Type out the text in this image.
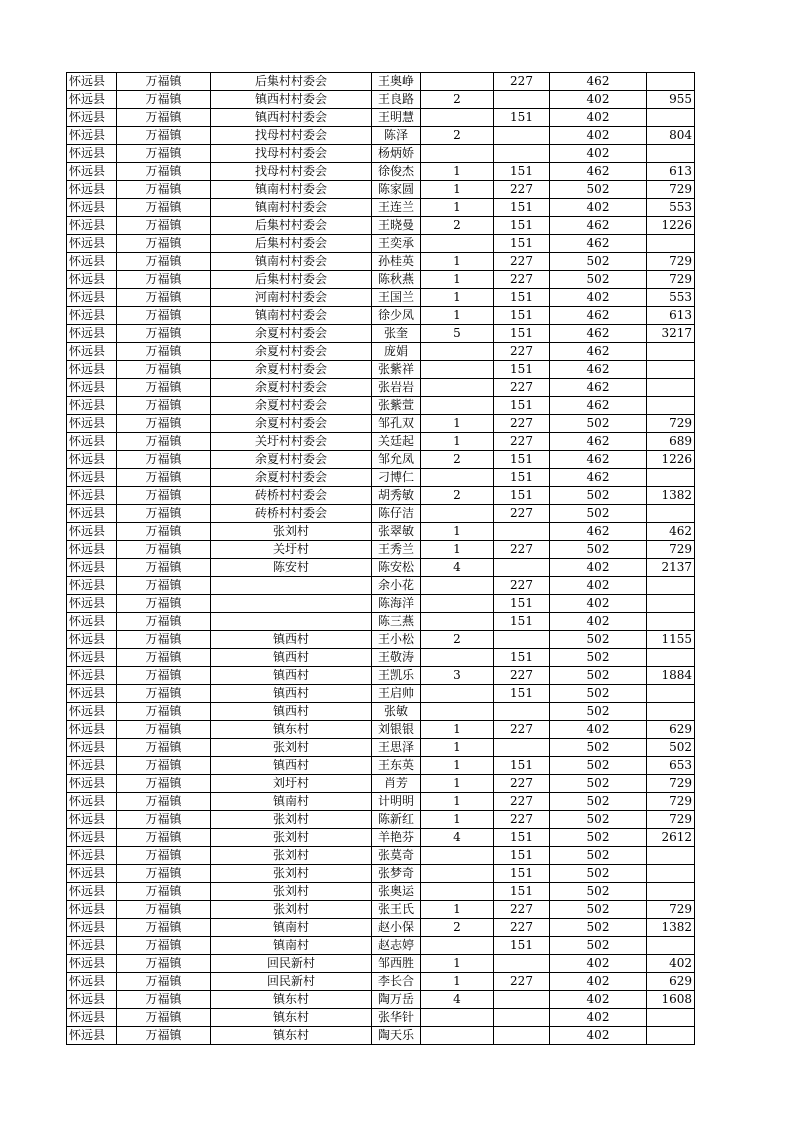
怀远县	万福镇	后集村村委会	王奥峥		227	462	
怀远县	万福镇	镇西村村委会	王良路	2		402	955
怀远县	万福镇	镇西村村委会	王明慧		151	402	
怀远县	万福镇	找母村村委会	陈泽	2		402	804
怀远县	万福镇	找母村村委会	杨炳娇			402	
怀远县	万福镇	找母村村委会	徐俊杰	1	151	462	613
怀远县	万福镇	镇南村村委会	陈家圆	1	227	502	729
怀远县	万福镇	镇南村村委会	王连兰	1	151	402	553
怀远县	万福镇	后集村村委会	王晓曼	2	151	462	1226
怀远县	万福镇	后集村村委会	王奕承		151	462	
怀远县	万福镇	镇南村村委会	孙桂英	1	227	502	729
怀远县	万福镇	后集村村委会	陈秋燕	1	227	502	729
怀远县	万福镇	河南村村委会	王国兰	1	151	402	553
怀远县	万福镇	镇南村村委会	徐少凤	1	151	462	613
怀远县	万福镇	余夏村村委会	张奎	5	151	462	3217
怀远县	万福镇	余夏村村委会	庞娟		227	462	
怀远县	万福镇	余夏村村委会	张紫祥		151	462	
怀远县	万福镇	余夏村村委会	张岩岩		227	462	
怀远县	万福镇	余夏村村委会	张紫萱		151	462	
怀远县	万福镇	余夏村村委会	邹孔双	1	227	502	729
怀远县	万福镇	关圩村村委会	关廷起	1	227	462	689
怀远县	万福镇	余夏村村委会	邹允凤	2	151	462	1226
怀远县	万福镇	余夏村村委会	刁博仁		151	462	
怀远县	万福镇	砖桥村村委会	胡秀敏	2	151	502	1382
怀远县	万福镇	砖桥村村委会	陈仔洁		227	502	
怀远县	万福镇	张刘村	张翠敏	1		462	462
怀远县	万福镇	关圩村	王秀兰	1	227	502	729
怀远县	万福镇	陈安村	陈安松	4		402	2137
怀远县	万福镇		余小花		227	402	
怀远县	万福镇		陈海洋		151	402	
怀远县	万福镇		陈三燕		151	402	
怀远县	万福镇	镇西村	王小松	2		502	1155
怀远县	万福镇	镇西村	王敬涛		151	502	
怀远县	万福镇	镇西村	王凯乐	3	227	502	1884
怀远县	万福镇	镇西村	王启帅		151	502	
怀远县	万福镇	镇西村	张敏			502	
怀远县	万福镇	镇东村	刘银银	1	227	402	629
怀远县	万福镇	张刘村	王思泽	1		502	502
怀远县	万福镇	镇西村	王东英	1	151	502	653
怀远县	万福镇	刘圩村	肖芳	1	227	502	729
怀远县	万福镇	镇南村	计明明	1	227	502	729
怀远县	万福镇	张刘村	陈新红	1	227	502	729
怀远县	万福镇	张刘村	羊艳芬	4	151	502	2612
怀远县	万福镇	张刘村	张莫奇		151	502	
怀远县	万福镇	张刘村	张梦奇		151	502	
怀远县	万福镇	张刘村	张奥运		151	502	
怀远县	万福镇	张刘村	张王氏	1	227	502	729
怀远县	万福镇	镇南村	赵小保	2	227	502	1382
怀远县	万福镇	镇南村	赵志婷		151	502	
怀远县	万福镇	回民新村	邹西胜	1		402	402
怀远县	万福镇	回民新村	李长合	1	227	402	629
怀远县	万福镇	镇东村	陶万岳	4		402	1608
怀远县	万福镇	镇东村	张华针			402	
怀远县	万福镇	镇东村	陶天乐			402	
